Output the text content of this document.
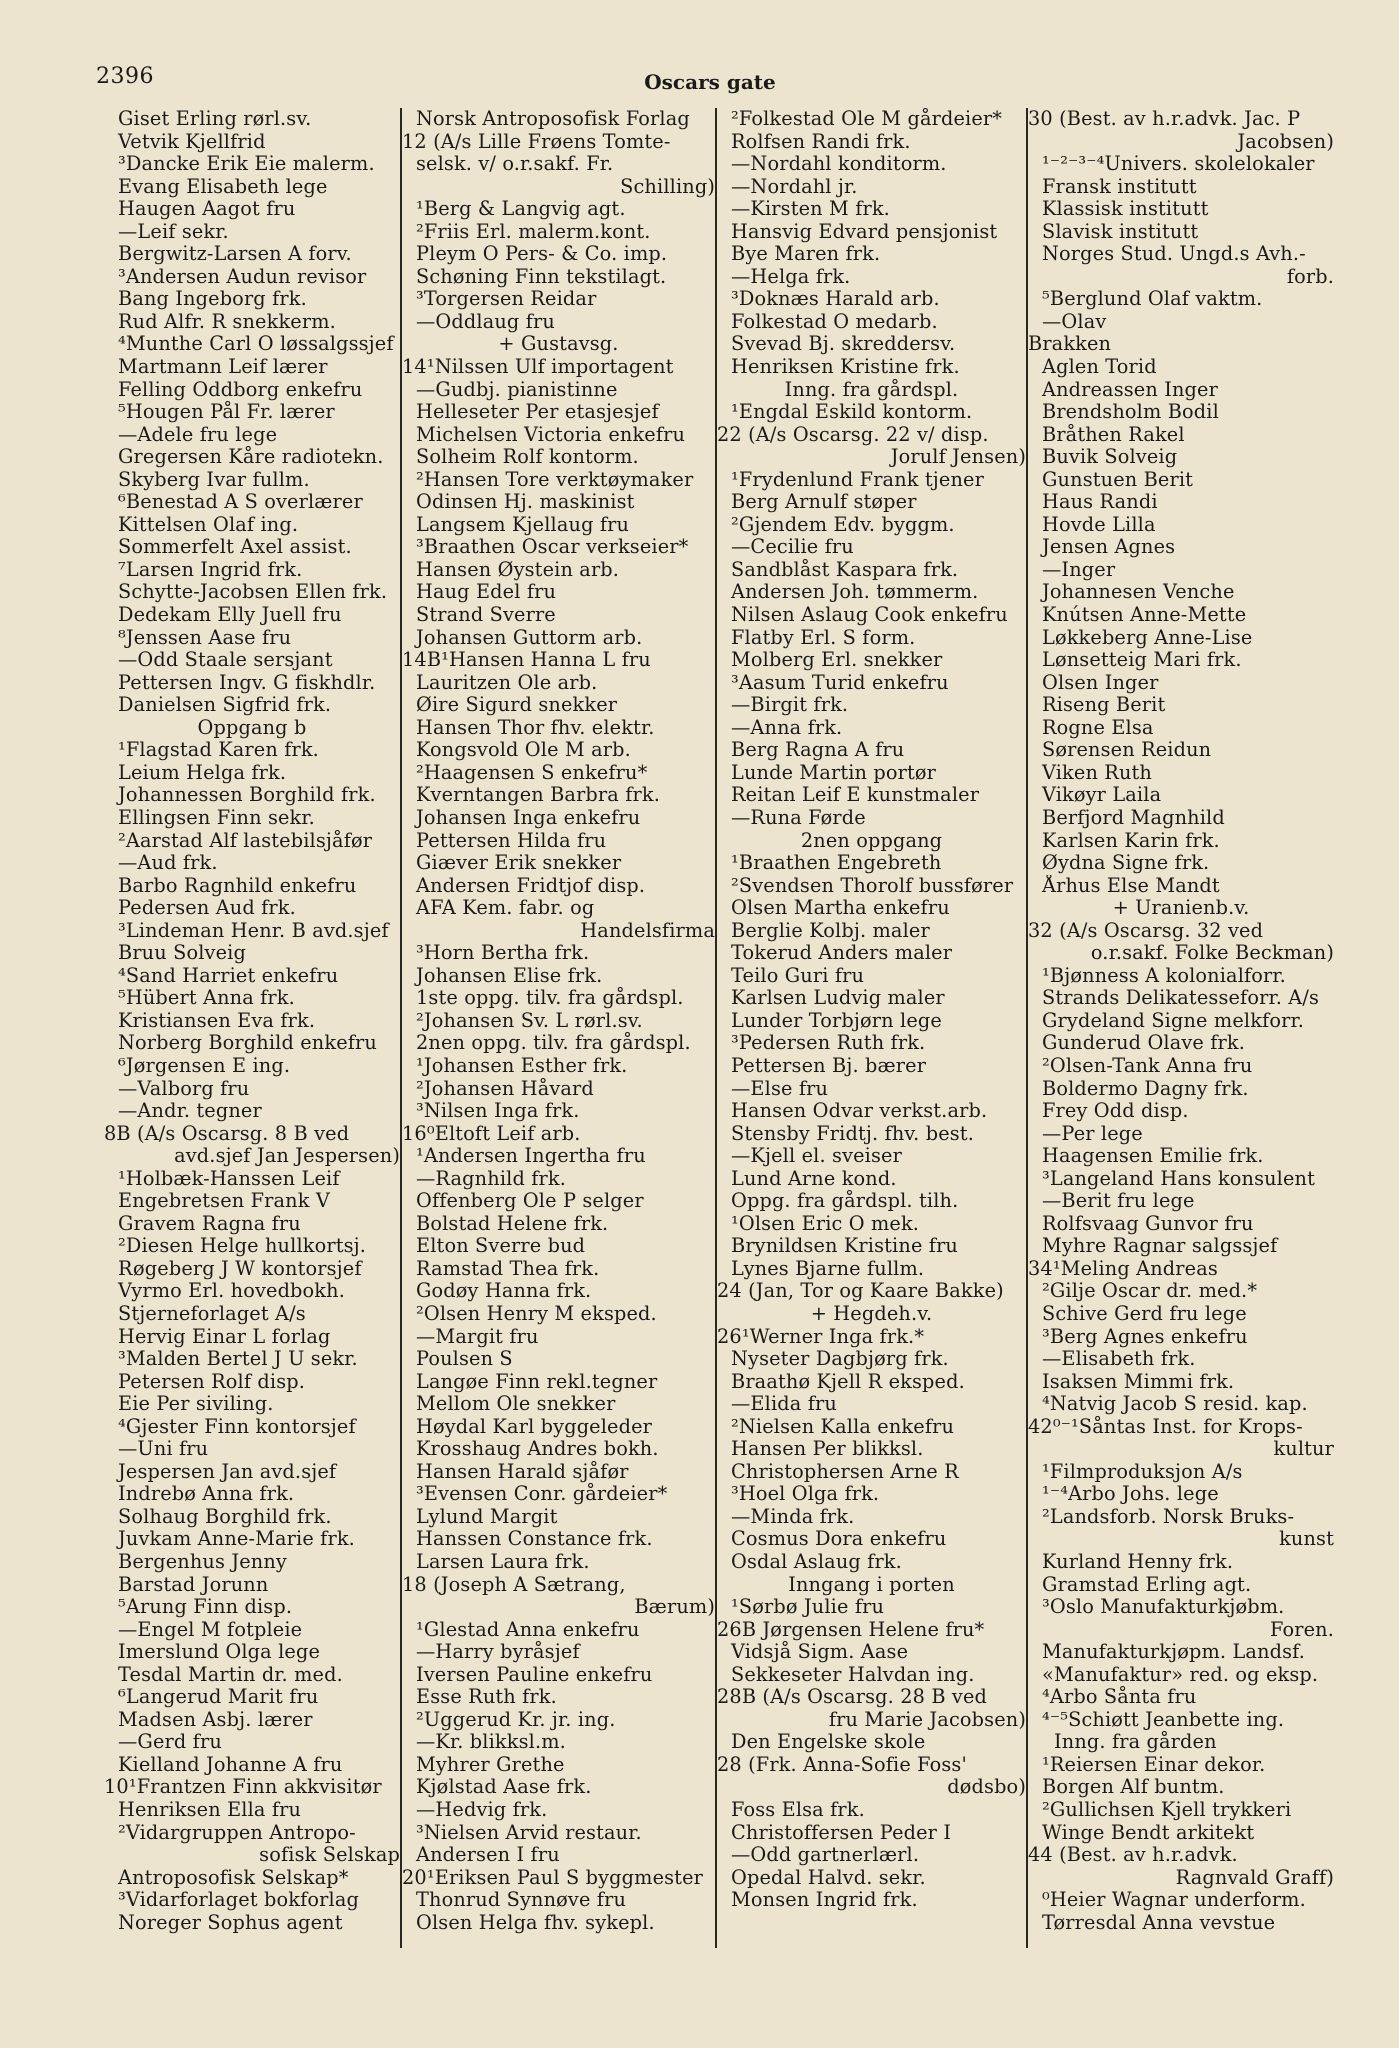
2396	Oscars gate
Giset Erling rørl.sv.
Vetvik Kjellfrid
³Dancke Erik Eie malerm.
Evang Elisabeth lege
Haugen Aagot fru
—Leif sekr.
Bergwitz-Larsen A forv.
³Andersen Audun revisor
Bang Ingeborg frk.
Rud Alfr. R snekkerm.
⁴Munthe Carl O løssalgssjef
Martmann Leif lærer
Felling Oddborg enkefru
⁵Hougen Pål Fr. lærer
—Adele fru lege
Gregersen Kåre radiotekn.
Skyberg Ivar fullm.
⁶Benestad A S overlærer
Kittelsen Olaf ing.
Sommerfelt Axel assist.
⁷Larsen Ingrid frk.
Schytte-Jacobsen Ellen frk.
Dedekam Elly Juell fru
⁸Jenssen Aase fru
—Odd Staale sersjant
Pettersen Ingv. G fiskhdlr.
Danielsen Sigfrid frk.
Oppgang b
¹Flagstad Karen frk.
Leium Helga frk.
Johannessen Borghild frk.
Ellingsen Finn sekr.
²Aarstad Alf lastebilsjåfør
—Aud frk.
Barbo Ragnhild enkefru
Pedersen Aud frk.
³Lindeman Henr. B avd.sjef
Bruu Solveig
⁴Sand Harriet enkefru
⁵Hübert Anna frk.
Kristiansen Eva frk.
Norberg Borghild enkefru
⁶Jørgensen E ing.
—Valborg fru
—Andr. tegner
8B (A/s Oscarsg. 8 B ved
avd.sjef Jan Jespersen)
¹Holbæk-Hanssen Leif
Engebretsen Frank V
Gravem Ragna fru
²Diesen Helge hullkortsj.
Røgeberg J W kontorsjef
Vyrmo Erl. hovedbokh.
Stjerneforlaget A/s
Hervig Einar L forlag
³Malden Bertel J U sekr.
Petersen Rolf disp.
Eie Per siviling.
⁴Gjester Finn kontorsjef
—Uni fru
Jespersen Jan avd.sjef
Indrebø Anna frk.
Solhaug Borghild frk.
Juvkam Anne-Marie frk.
Bergenhus Jenny
Barstad Jorunn
⁵Arung Finn disp.
—Engel M fotpleie
Imerslund Olga lege
Tesdal Martin dr. med.
⁶Langerud Marit fru
Madsen Asbj. lærer
—Gerd fru
Kielland Johanne A fru
10¹Frantzen Finn akkvisitør
Henriksen Ella fru
²Vidargruppen Antropo-
sofisk Selskap
Antroposofisk Selskap*
³Vidarforlaget bokforlag
Noreger Sophus agent
Norsk Antroposofisk Forlag
12 (A/s Lille Frøens Tomte-
selsk. v/ o.r.sakf. Fr.
Schilling)
¹Berg & Langvig agt.
²Friis Erl. malerm.kont.
Pleym O Pers- & Co. imp.
Schøning Finn tekstilagt.
³Torgersen Reidar
—Oddlaug fru
+ Gustavsg.
14¹Nilssen Ulf importagent
—Gudbj. pianistinne
Helleseter Per etasjesjef
Michelsen Victoria enkefru
Solheim Rolf kontorm.
²Hansen Tore verktøymaker
Odinsen Hj. maskinist
Langsem Kjellaug fru
³Braathen Oscar verkseier*
Hansen Øystein arb.
Haug Edel fru
Strand Sverre
Johansen Guttorm arb.
14B¹Hansen Hanna L fru
Lauritzen Ole arb.
Øire Sigurd snekker
Hansen Thor fhv. elektr.
Kongsvold Ole M arb.
²Haagensen S enkefru*
Kverntangen Barbra frk.
Johansen Inga enkefru
Pettersen Hilda fru
Giæver Erik snekker
Andersen Fridtjof disp.
AFA Kem. fabr. og
Handelsfirma
³Horn Bertha frk.
Johansen Elise frk.
1ste oppg. tilv. fra gårdspl.
²Johansen Sv. L rørl.sv.
2nen oppg. tilv. fra gårdspl.
¹Johansen Esther frk.
²Johansen Håvard
³Nilsen Inga frk.
16⁰Eltoft Leif arb.
¹Andersen Ingertha fru
—Ragnhild frk.
Offenberg Ole P selger
Bolstad Helene frk.
Elton Sverre bud
Ramstad Thea frk.
Godøy Hanna frk.
²Olsen Henry M eksped.
—Margit fru
Poulsen S
Langøe Finn rekl.tegner
Mellom Ole snekker
Høydal Karl byggeleder
Krosshaug Andres bokh.
Hansen Harald sjåfør
³Evensen Conr. gårdeier*
Lylund Margit
Hanssen Constance frk.
Larsen Laura frk.
18 (Joseph A Sætrang,
Bærum)
¹Glestad Anna enkefru
—Harry byråsjef
Iversen Pauline enkefru
Esse Ruth frk.
²Uggerud Kr. jr. ing.
—Kr. blikksl.m.
Myhrer Grethe
Kjølstad Aase frk.
—Hedvig frk.
³Nielsen Arvid restaur.
Andersen I fru
20¹Eriksen Paul S byggmester
Thonrud Synnøve fru
Olsen Helga fhv. sykepl.
²Folkestad Ole M gårdeier*
Rolfsen Randi frk.
—Nordahl konditorm.
—Nordahl jr.
—Kirsten M frk.
Hansvig Edvard pensjonist
Bye Maren frk.
—Helga frk.
³Doknæs Harald arb.
Folkestad O medarb.
Svevad Bj. skreddersv.
Henriksen Kristine frk.
Inng. fra gårdspl.
¹Engdal Eskild kontorm.
22 (A/s Oscarsg. 22 v/ disp.
Jorulf Jensen)
¹Frydenlund Frank tjener
Berg Arnulf støper
²Gjendem Edv. byggm.
—Cecilie fru
Sandblåst Kaspara frk.
Andersen Joh. tømmerm.
Nilsen Aslaug Cook enkefru
Flatby Erl. S form.
Molberg Erl. snekker
³Aasum Turid enkefru
—Birgit frk.
—Anna frk.
Berg Ragna A fru
Lunde Martin portør
Reitan Leif E kunstmaler
—Runa Førde
2nen oppgang
¹Braathen Engebreth
²Svendsen Thorolf bussfører
Olsen Martha enkefru
Berglie Kolbj. maler
Tokerud Anders maler
Teilo Guri fru
Karlsen Ludvig maler
Lunder Torbjørn lege
³Pedersen Ruth frk.
Pettersen Bj. bærer
—Else fru
Hansen Odvar verkst.arb.
Stensby Fridtj. fhv. best.
—Kjell el. sveiser
Lund Arne kond.
Oppg. fra gårdspl. tilh.
¹Olsen Eric O mek.
Brynildsen Kristine fru
Lynes Bjarne fullm.
24 (Jan, Tor og Kaare Bakke)
+ Hegdeh.v.
26¹Werner Inga frk.*
Nyseter Dagbjørg frk.
Braathø Kjell R eksped.
—Elida fru
²Nielsen Kalla enkefru
Hansen Per blikksl.
Christophersen Arne R
³Hoel Olga frk.
—Minda frk.
Cosmus Dora enkefru
Osdal Aslaug frk.
Inngang i porten
¹Sørbø Julie fru
26B Jørgensen Helene fru*
Vidsjå Sigm. Aase
Sekkeseter Halvdan ing.
28B (A/s Oscarsg. 28 B ved
fru Marie Jacobsen)
Den Engelske skole
28 (Frk. Anna-Sofie Foss'
dødsbo)
Foss Elsa frk.
Christoffersen Peder I
—Odd gartnerlærl.
Opedal Halvd. sekr.
Monsen Ingrid frk.
30 (Best. av h.r.advk. Jac. P
Jacobsen)
¹⁻²⁻³⁻⁴Univers. skolelokaler
Fransk institutt
Klassisk institutt
Slavisk institutt
Norges Stud. Ungd.s Avh.-
forb.
⁵Berglund Olaf vaktm.
—Olav
Brakken
Aglen Torid
Andreassen Inger
Brendsholm Bodil
Bråthen Rakel
Buvik Solveig
Gunstuen Berit
Haus Randi
Hovde Lilla
Jensen Agnes
—Inger
Johannesen Venche
Knútsen Anne-Mette
Løkkeberg Anne-Lise
Lønsetteig Mari frk.
Olsen Inger
Riseng Berit
Rogne Elsa
Sørensen Reidun
Viken Ruth
Vikøyr Laila
Berfjord Magnhild
Karlsen Karin frk.
Øydna Signe frk.
Århus Else Mandt
+ Uranienb.v.
32 (A/s Oscarsg. 32 ved
o.r.sakf. Folke Beckman)
¹Bjønness A kolonialforr.
Strands Delikatesseforr. A/s
Grydeland Signe melkforr.
Gunderud Olave frk.
²Olsen-Tank Anna fru
Boldermo Dagny frk.
Frey Odd disp.
—Per lege
Haagensen Emilie frk.
³Langeland Hans konsulent
—Berit fru lege
Rolfsvaag Gunvor fru
Myhre Ragnar salgssjef
34¹Meling Andreas
²Gilje Oscar dr. med.*
Schive Gerd fru lege
³Berg Agnes enkefru
—Elisabeth frk.
Isaksen Mimmi frk.
⁴Natvig Jacob S resid. kap.
42⁰⁻¹Såntas Inst. for Krops-
kultur
¹Filmproduksjon A/s
¹⁻⁴Arbo Johs. lege
²Landsforb. Norsk Bruks-
kunst
Kurland Henny frk.
Gramstad Erling agt.
³Oslo Manufakturkjøbm.
Foren.
Manufakturkjøpm. Landsf.
«Manufaktur» red. og eksp.
⁴Arbo Sånta fru
⁴⁻⁵Schiøtt Jeanbette ing.
Inng. fra gården
¹Reiersen Einar dekor.
Borgen Alf buntm.
²Gullichsen Kjell trykkeri
Winge Bendt arkitekt
44 (Best. av h.r.advk.
Ragnvald Graff)
⁰Heier Wagnar underform.
Tørresdal Anna vevstue
